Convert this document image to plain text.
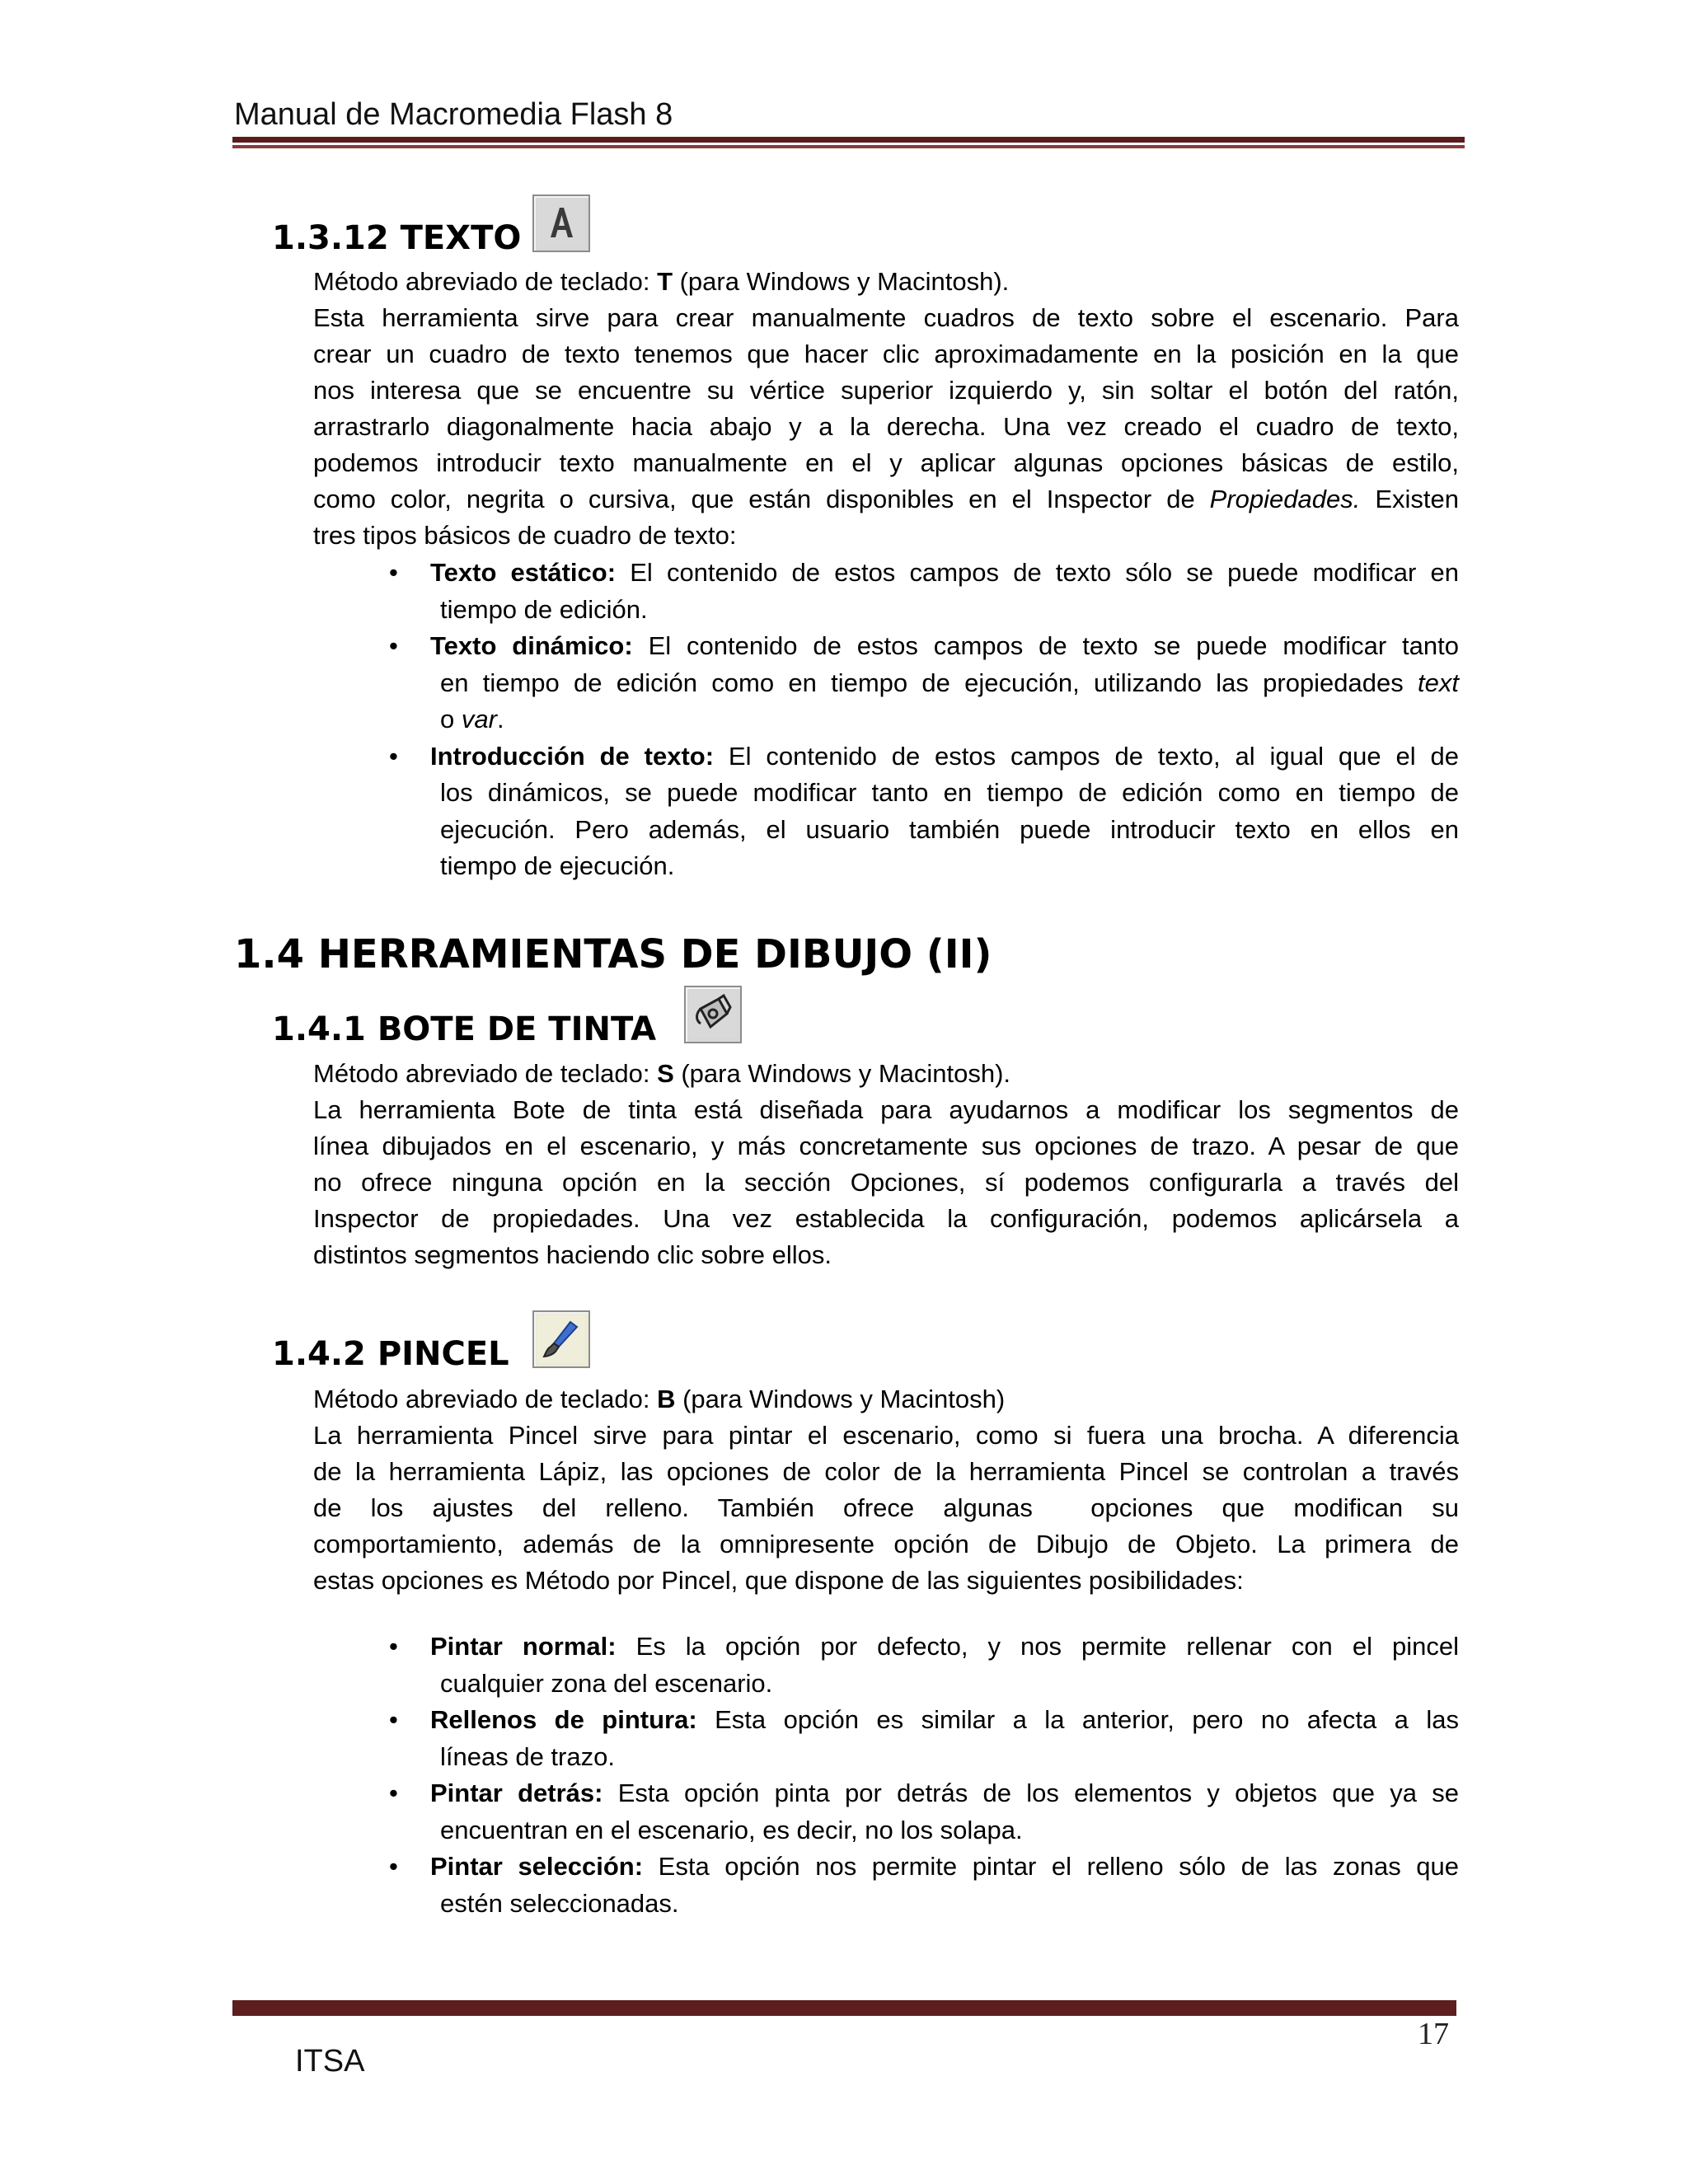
Manual de Macromedia Flash 8
1.3.12 TEXTO
Método abreviado de teclado: T (para Windows y Macintosh).
Esta herramienta sirve para crear manualmente cuadros de texto sobre el escenario. Para
crear un cuadro de texto tenemos que hacer clic aproximadamente en la posición en la que
nos interesa que se encuentre su vértice superior izquierdo y, sin soltar el botón del ratón,
arrastrarlo diagonalmente hacia abajo y a la derecha. Una vez creado el cuadro de texto,
podemos introducir texto manualmente en el y aplicar algunas opciones básicas de estilo,
como color, negrita o cursiva, que están disponibles en el Inspector de Propiedades. Existen
tres tipos básicos de cuadro de texto:
• Texto estático: El contenido de estos campos de texto sólo se puede modificar en
tiempo de edición.
• Texto dinámico: El contenido de estos campos de texto se puede modificar tanto
en tiempo de edición como en tiempo de ejecución, utilizando las propiedades text
o var.
• Introducción de texto: El contenido de estos campos de texto, al igual que el de
los dinámicos, se puede modificar tanto en tiempo de edición como en tiempo de
ejecución. Pero además, el usuario también puede introducir texto en ellos en
tiempo de ejecución.
1.4 HERRAMIENTAS DE DIBUJO (II)
1.4.1 BOTE DE TINTA
Método abreviado de teclado: S (para Windows y Macintosh).
La herramienta Bote de tinta está diseñada para ayudarnos a modificar los segmentos de
línea dibujados en el escenario, y más concretamente sus opciones de trazo. A pesar de que
no ofrece ninguna opción en la sección Opciones, sí podemos configurarla a través del
Inspector de propiedades. Una vez establecida la configuración, podemos aplicársela a
distintos segmentos haciendo clic sobre ellos.
1.4.2 PINCEL
Método abreviado de teclado: B (para Windows y Macintosh)
La herramienta Pincel sirve para pintar el escenario, como si fuera una brocha. A diferencia
de la herramienta Lápiz, las opciones de color de la herramienta Pincel se controlan a través
de los ajustes del relleno. También ofrece algunas  opciones que modifican su
comportamiento, además de la omnipresente opción de Dibujo de Objeto. La primera de
estas opciones es Método por Pincel, que dispone de las siguientes posibilidades:
• Pintar normal: Es la opción por defecto, y nos permite rellenar con el pincel
cualquier zona del escenario.
• Rellenos de pintura: Esta opción es similar a la anterior, pero no afecta a las
líneas de trazo.
• Pintar detrás: Esta opción pinta por detrás de los elementos y objetos que ya se
encuentran en el escenario, es decir, no los solapa.
• Pintar selección: Esta opción nos permite pintar el relleno sólo de las zonas que
estén seleccionadas.
17
ITSA
